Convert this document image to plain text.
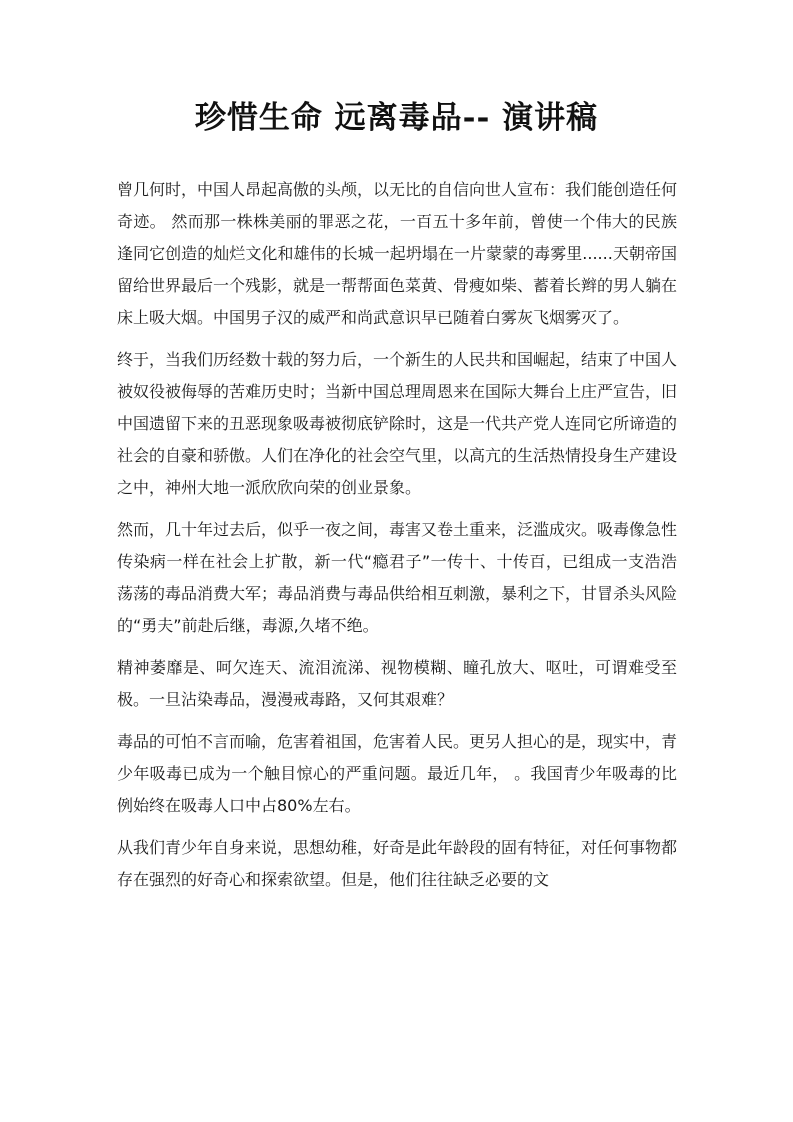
珍惜生命 远离毒品-- 演讲稿

曾几何时，中国人昂起高傲的头颅，以无比的自信向世人宣布：我们能创造任何奇迹。 然而那一株株美丽的罪恶之花，一百五十多年前，曾使一个伟大的民族逢同它创造的灿烂文化和雄伟的长城一起坍塌在一片蒙蒙的毒雾里......天朝帝国留给世界最后一个残影，就是一帮帮面色菜黄、骨瘦如柴、蓄着长辫的男人躺在床上吸大烟。中国男子汉的威严和尚武意识早已随着白雾灰飞烟雾灭了。

终于，当我们历经数十载的努力后，一个新生的人民共和国崛起，结束了中国人被奴役被侮辱的苦难历史时；当新中国总理周恩来在国际大舞台上庄严宣告，旧中国遗留下来的丑恶现象吸毒被彻底铲除时，这是一代共产党人连同它所谛造的社会的自豪和骄傲。人们在净化的社会空气里，以高亢的生活热情投身生产建设之中，神州大地一派欣欣向荣的创业景象。

然而，几十年过去后，似乎一夜之间，毒害又卷土重来，泛滥成灾。吸毒像急性传染病一样在社会上扩散，新一代“瘾君子”一传十、十传百，已组成一支浩浩荡荡的毒品消费大军；毒品消费与毒品供给相互刺激，暴利之下，甘冒杀头风险的“勇夫”前赴后继，毒源,久堵不绝。

精神萎靡是、呵欠连天、流泪流涕、视物模糊、瞳孔放大、呕吐，可谓难受至极。一旦沾染毒品，漫漫戒毒路，又何其艰难？

毒品的可怕不言而喻，危害着祖国，危害着人民。更另人担心的是，现实中，青少年吸毒已成为一个触目惊心的严重问题。最近几年， 。我国青少年吸毒的比例始终在吸毒人口中占80%左右。

从我们青少年自身来说，思想幼稚，好奇是此年龄段的固有特征，对任何事物都存在强烈的好奇心和探索欲望。但是，他们往往缺乏必要的文
